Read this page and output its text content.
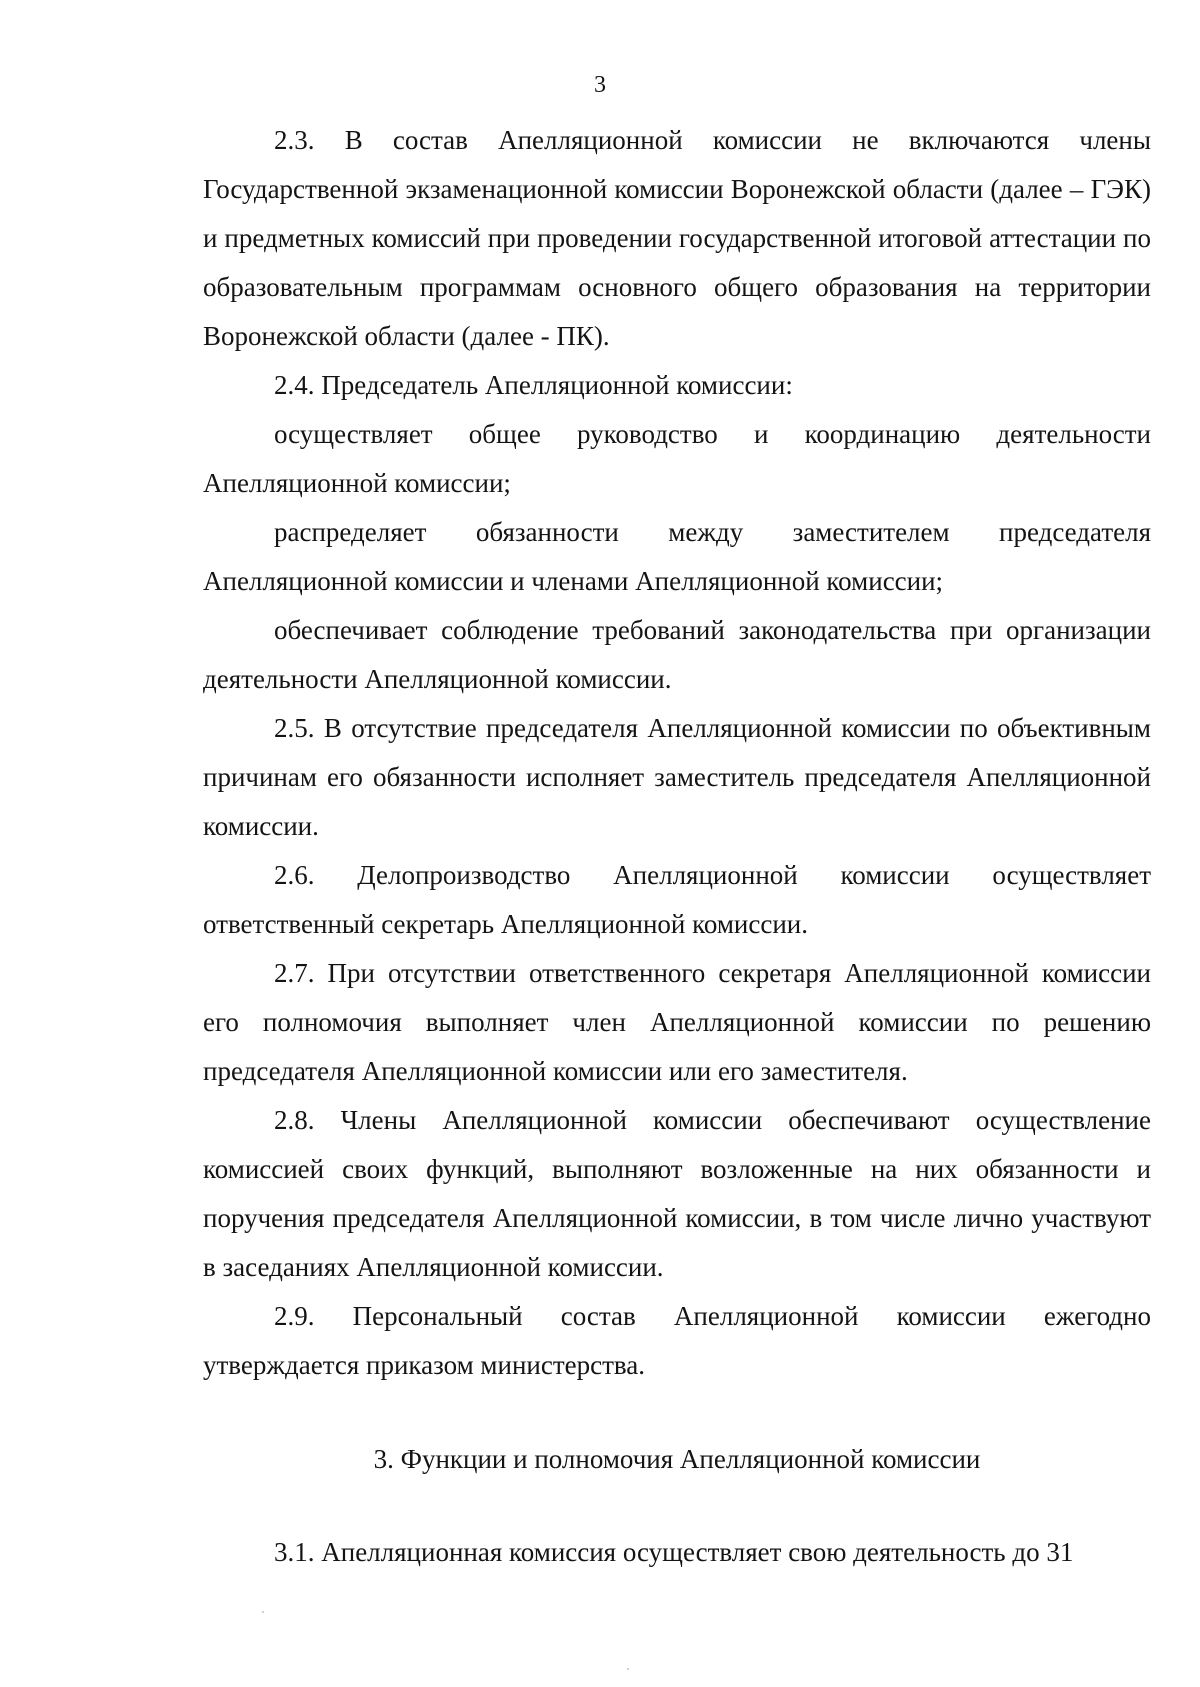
3

2.3. В состав Апелляционной комиссии не включаются члены Государственной экзаменационной комиссии Воронежской области (далее – ГЭК) и предметных комиссий при проведении государственной итоговой аттестации по образовательным программам основного общего образования на территории Воронежской области (далее - ПК).

2.4. Председатель Апелляционной комиссии:

осуществляет общее руководство и координацию деятельности Апелляционной комиссии;

распределяет обязанности между заместителем председателя Апелляционной комиссии и членами Апелляционной комиссии;

обеспечивает соблюдение требований законодательства при организации деятельности Апелляционной комиссии.

2.5. В отсутствие председателя Апелляционной комиссии по объективным причинам его обязанности исполняет заместитель председателя Апелляционной комиссии.

2.6. Делопроизводство Апелляционной комиссии осуществляет ответственный секретарь Апелляционной комиссии.

2.7. При отсутствии ответственного секретаря Апелляционной комиссии его полномочия выполняет член Апелляционной комиссии по решению председателя Апелляционной комиссии или его заместителя.

2.8. Члены Апелляционной комиссии обеспечивают осуществление комиссией своих функций, выполняют возложенные на них обязанности и поручения председателя Апелляционной комиссии, в том числе лично участвуют в заседаниях Апелляционной комиссии.

2.9. Персональный состав Апелляционной комиссии ежегодно утверждается приказом министерства.

3. Функции и полномочия Апелляционной комиссии

3.1. Апелляционная комиссия осуществляет свою деятельность до 31
